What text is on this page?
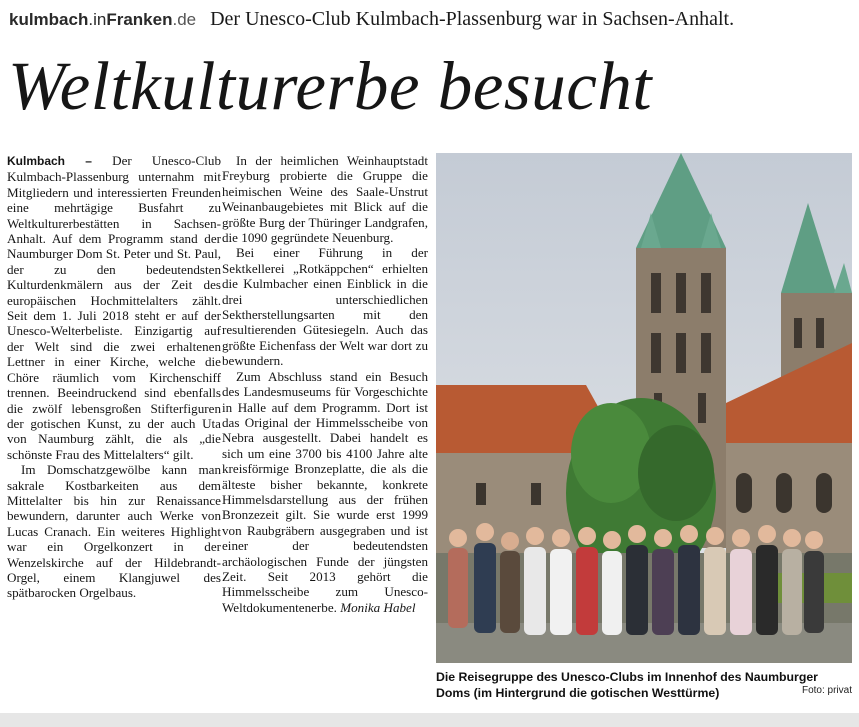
kulmbach.inFranken.de Der Unesco-Club Kulmbach-Plassenburg war in Sachsen-Anhalt.
Weltkulturerbe besucht

Kulmbach – Der Unesco-Club Kulmbach-Plassenburg unternahm mit Mitgliedern und interessierten Freunden eine mehrtägige Busfahrt zu Weltkulturerbestätten in Sachsen-Anhalt. Auf dem Programm stand der Naumburger Dom St. Peter und St. Paul, der zu den bedeutendsten Kulturdenkmälern aus der Zeit des europäischen Hochmittelalters zählt. Seit dem 1. Juli 2018 steht er auf der Unesco-Welterbeliste. Einzigartig auf der Welt sind die zwei erhaltenen Lettner in einer Kirche, welche die Chöre räumlich vom Kirchenschiff trennen. Beeindruckend sind ebenfalls die zwölf lebensgroßen Stifterfiguren der gotischen Kunst, zu der auch Uta von Naumburg zählt, die als „die schönste Frau des Mittelalters“ gilt.

Im Domschatzgewölbe kann man sakrale Kostbarkeiten aus dem Mittelalter bis hin zur Renaissance bewundern, darunter auch Werke von Lucas Cranach. Ein weiteres Highlight war ein Orgelkonzert in der Wenzelskirche auf der Hildebrandt-Orgel, einem Klangjuwel des spätbarocken Orgelbaus.

In der heimlichen Weinhauptstadt Freyburg probierte die Gruppe die heimischen Weine des Saale-Unstrut Weinanbaugebietes mit Blick auf die größte Burg der Thüringer Landgrafen, die 1090 gegründete Neuenburg.

Bei einer Führung in der Sektkellerei „Rotkäppchen“ erhielten die Kulmbacher einen Einblick in die drei unterschiedlichen Sektherstellungsarten mit den resultierenden Gütesiegeln. Auch das größte Eichenfass der Welt war dort zu bewundern.

Zum Abschluss stand ein Besuch des Landesmuseums für Vorgeschichte in Halle auf dem Programm. Dort ist das Original der Himmelsscheibe von Nebra ausgestellt. Dabei handelt es sich um eine 3700 bis 4100 Jahre alte kreisförmige Bronzeplatte, die als die älteste bisher bekannte, konkrete Himmelsdarstellung aus der frühen Bronzezeit gilt. Sie wurde erst 1999 von Raubgräbern ausgegraben und ist einer der bedeutendsten archäologischen Funde der jüngsten Zeit. Seit 2013 gehört die Himmelsscheibe zum Unesco-Weltdokumentenerbe. Monika Habel

Die Reisegruppe des Unesco-Clubs im Innenhof des Naumburger Doms (im Hintergrund die gotischen Westtürme)	Foto: privat
